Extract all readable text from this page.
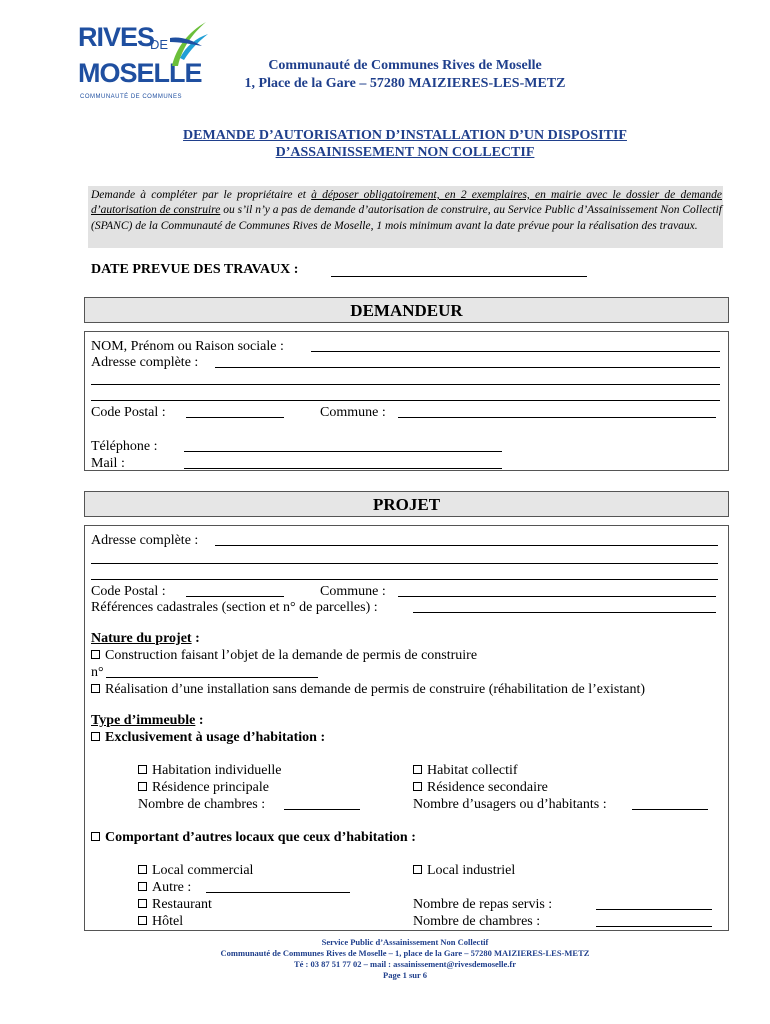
RIVES
DE
MOSELLE
COMMUNAUTÉ DE COMMUNES
Communauté de Communes Rives de Moselle
1, Place de la Gare – 57280 MAIZIERES-LES-METZ
DEMANDE D’AUTORISATION D’INSTALLATION D’UN DISPOSITIF
D’ASSAINISSEMENT NON COLLECTIF
Demande à compléter par le propriétaire et à déposer obligatoirement, en 2 exemplaires, en mairie avec le dossier de demande d’autorisation de construire ou s’il n’y a pas de demande d’autorisation de construire, au Service Public d’Assainissement Non Collectif (SPANC) de la Communauté de Communes Rives de Moselle, 1 mois minimum avant la date prévue pour la réalisation des travaux.
DATE PREVUE DES TRAVAUX :
DEMANDEUR
NOM, Prénom ou Raison sociale :
Adresse complète :
Code Postal :	Commune :
Téléphone :
Mail :
PROJET
Adresse complète :
Code Postal :	Commune :
Références cadastrales (section et n° de parcelles) :
Nature du projet :
Construction faisant l’objet de la demande de permis de construire
n°
Réalisation d’une installation sans demande de permis de construire (réhabilitation de l’existant)
Type d’immeuble :
Exclusivement à usage d’habitation :
Habitation individuelle	Habitat collectif
Résidence principale	Résidence secondaire
Nombre de chambres :	Nombre d’usagers ou d’habitants :
Comportant d’autres locaux que ceux d’habitation :
Local commercial	Local industriel
Autre :
Restaurant	Nombre de repas servis :
Hôtel	Nombre de chambres :
Service Public d’Assainissement Non Collectif
Communauté de Communes Rives de Moselle – 1, place de la Gare – 57280 MAIZIERES-LES-METZ
Té : 03 87 51 77 02 – mail : assainissement@rivesdemoselle.fr
Page 1 sur 6
